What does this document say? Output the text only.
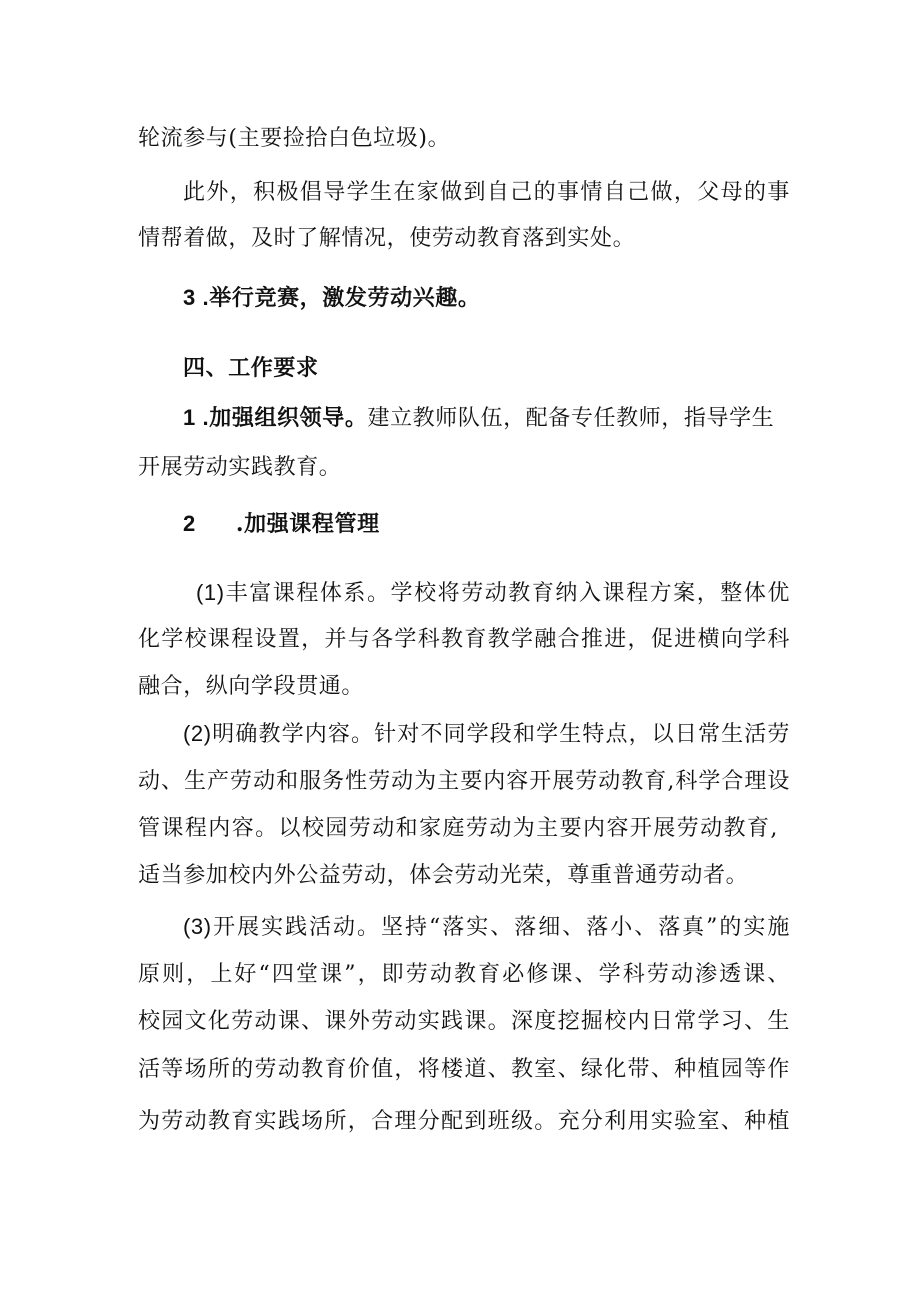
轮流参与(主要捡拾白色垃圾)。
此外，积极倡导学生在家做到自己的事情自己做，父母的事
情帮着做，及时了解情况，使劳动教育落到实处。
3 .举行竞赛，激发劳动兴趣。
四、工作要求
1 .加强组织领导。建立教师队伍，配备专任教师，指导学生
开展劳动实践教育。
2 .加强课程管理
(1)丰富课程体系。学校将劳动教育纳入课程方案，整体优
化学校课程设置，并与各学科教育教学融合推进，促进横向学科
融合，纵向学段贯通。
(2)明确教学内容。针对不同学段和学生特点，以日常生活劳
动、生产劳动和服务性劳动为主要内容开展劳动教育,科学合理设
管课程内容。以校园劳动和家庭劳动为主要内容开展劳动教育,
适当参加校内外公益劳动，体会劳动光荣，尊重普通劳动者。
(3)开展实践活动。坚持“落实、落细、落小、落真”的实施
原则，上好“四堂课”，即劳动教育必修课、学科劳动渗透课、
校园文化劳动课、课外劳动实践课。深度挖掘校内日常学习、生
活等场所的劳动教育价值，将楼道、教室、绿化带、种植园等作
为劳动教育实践场所，合理分配到班级。充分利用实验室、种植
